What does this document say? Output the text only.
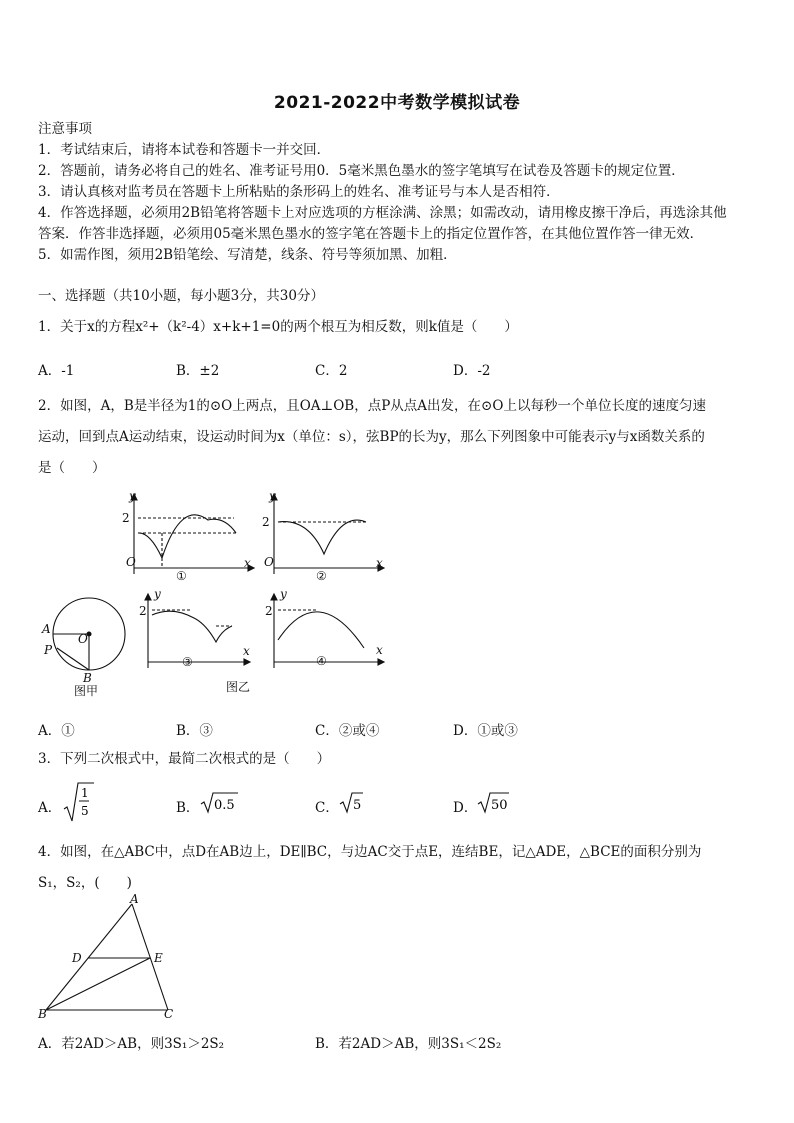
2021-2022中考数学模拟试卷
注意事项
1．考试结束后，请将本试卷和答题卡一并交回．
2．答题前，请务必将自己的姓名、准考证号用0．5毫米黑色墨水的签字笔填写在试卷及答题卡的规定位置．
3．请认真核对监考员在答题卡上所粘贴的条形码上的姓名、准考证号与本人是否相符．
4．作答选择题，必须用2B铅笔将答题卡上对应选项的方框涂满、涂黑；如需改动，请用橡皮擦干净后，再选涂其他
答案．作答非选择题，必须用05毫米黑色墨水的签字笔在答题卡上的指定位置作答，在其他位置作答一律无效．
5．如需作图，须用2B铅笔绘、写清楚，线条、符号等须加黑、加粗．
一、选择题（共10小题，每小题3分，共30分）
1．关于x的方程x²+（k²-4）x+k+1=0的两个根互为相反数，则k值是（　　）
A．-1	B．±2	C．2	D．-2
2．如图，A，B是半径为1的⊙O上两点，且OA⊥OB，点P从点A出发，在⊙O上以每秒一个单位长度的速度匀速
运动，回到点A运动结束，设运动时间为x（单位：s），弦BP的长为y，那么下列图象中可能表示y与x函数关系的
是（　　）
y
2
O	x
①
y
2
O	x
②
A
O
P
B
图甲
y
2
x
③
y
2
x
④
图乙
A．①	B．③	C．②或④	D．①或③
3．下列二次根式中，最简二次根式的是（　　）
A．
1
5	B． 0.5	C． 5	D． 50
4．如图，在△ABC中，点D在AB边上，DE∥BC，与边AC交于点E，连结BE，记△ADE，△BCE的面积分别为
S₁，S₂，(　　)
A
D	E
B	C
A．若2AD＞AB，则3S₁＞2S₂	B．若2AD＞AB，则3S₁＜2S₂
